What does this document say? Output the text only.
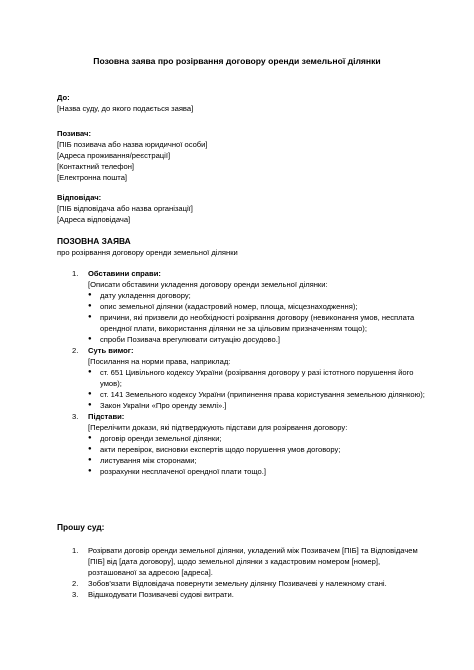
Позовна заява про розірвання договору оренди земельної ділянки
До:
[Назва суду, до якого подається заява]
Позивач:
[ПІБ позивача або назва юридичної особи]
[Адреса проживання/реєстрації]
[Контактний телефон]
[Електронна пошта]
Відповідач:
[ПІБ відповідача або назва організації]
[Адреса відповідача]
ПОЗОВНА ЗАЯВА
про розірвання договору оренди земельної ділянки
1. Обставини справи:
[Описати обставини укладення договору оренди земельної ділянки:
● дату укладення договору;
● опис земельної ділянки (кадастровий номер, площа, місцезнаходження);
● причини, які призвели до необхідності розірвання договору (невиконання умов, несплата орендної плати, використання ділянки не за цільовим призначенням тощо);
● спроби Позивача врегулювати ситуацію досудово.]
2. Суть вимог:
[Посилання на норми права, наприклад:
● ст. 651 Цивільного кодексу України (розірвання договору у разі істотного порушення його умов);
● ст. 141 Земельного кодексу України (припинення права користування земельною ділянкою);
● Закон України «Про оренду землі».]
3. Підстави:
[Перелічити докази, які підтверджують підстави для розірвання договору:
● договір оренди земельної ділянки;
● акти перевірок, висновки експертів щодо порушення умов договору;
● листування між сторонами;
● розрахунки несплаченої орендної плати тощо.]
Прошу суд:
1. Розірвати договір оренди земельної ділянки, укладений між Позивачем [ПІБ] та Відповідачем [ПІБ] від [дата договору], щодо земельної ділянки з кадастровим номером [номер], розташованої за адресою [адреса].
2. Зобов'язати Відповідача повернути земельну ділянку Позивачеві у належному стані.
3. Відшкодувати Позивачеві судові витрати.
